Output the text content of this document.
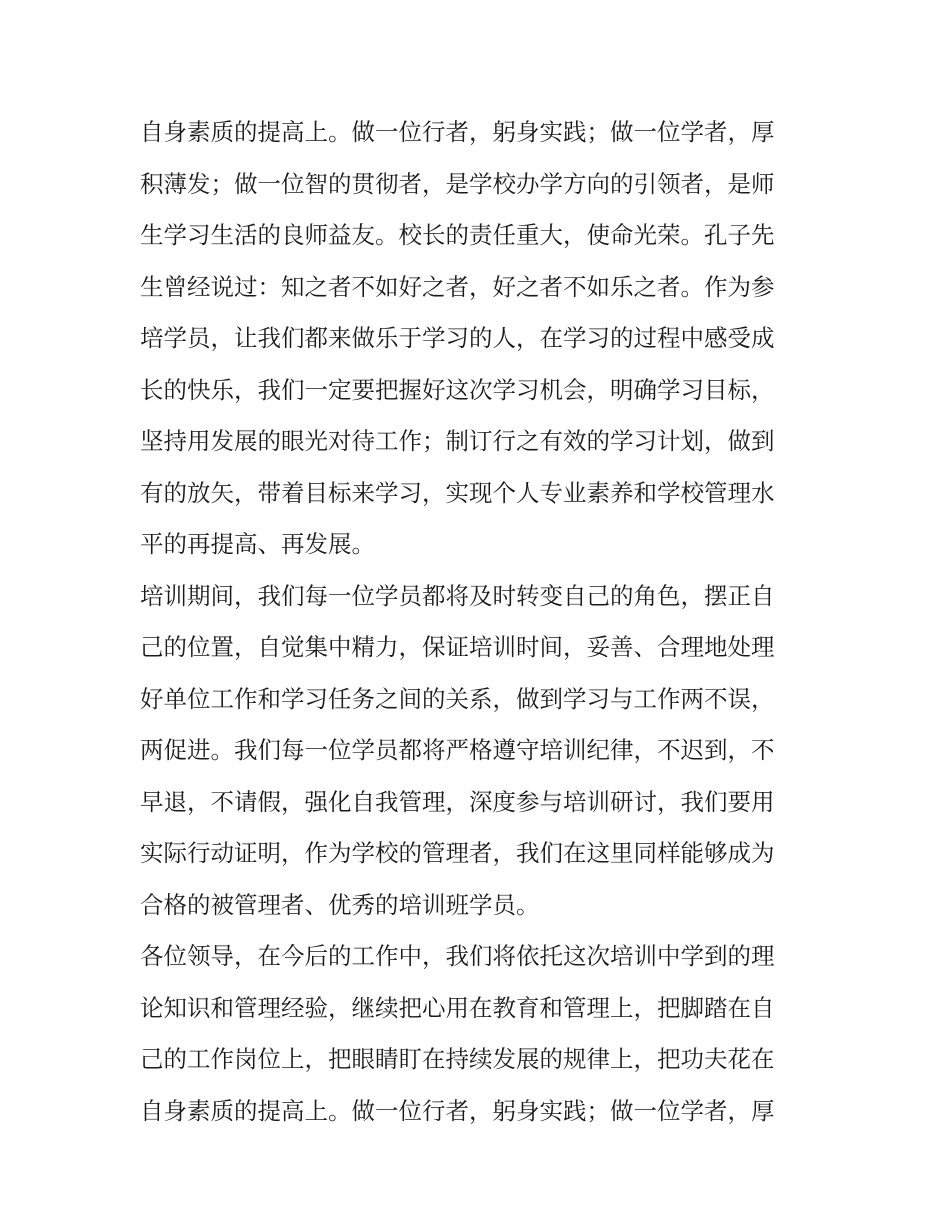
自身素质的提高上。做一位行者，躬身实践；做一位学者，厚
积薄发；做一位智的贯彻者，是学校办学方向的引领者，是师
生学习生活的良师益友。校长的责任重大，使命光荣。孔子先
生曾经说过：知之者不如好之者，好之者不如乐之者。作为参
培学员，让我们都来做乐于学习的人，在学习的过程中感受成
长的快乐，我们一定要把握好这次学习机会，明确学习目标，
坚持用发展的眼光对待工作；制订行之有效的学习计划，做到
有的放矢，带着目标来学习，实现个人专业素养和学校管理水
平的再提高、再发展。
培训期间，我们每一位学员都将及时转变自己的角色，摆正自
己的位置，自觉集中精力，保证培训时间，妥善、合理地处理
好单位工作和学习任务之间的关系，做到学习与工作两不误，
两促进。我们每一位学员都将严格遵守培训纪律，不迟到，不
早退，不请假，强化自我管理，深度参与培训研讨，我们要用
实际行动证明，作为学校的管理者，我们在这里同样能够成为
合格的被管理者、优秀的培训班学员。
各位领导，在今后的工作中，我们将依托这次培训中学到的理
论知识和管理经验，继续把心用在教育和管理上，把脚踏在自
己的工作岗位上，把眼睛盯在持续发展的规律上，把功夫花在
自身素质的提高上。做一位行者，躬身实践；做一位学者，厚
